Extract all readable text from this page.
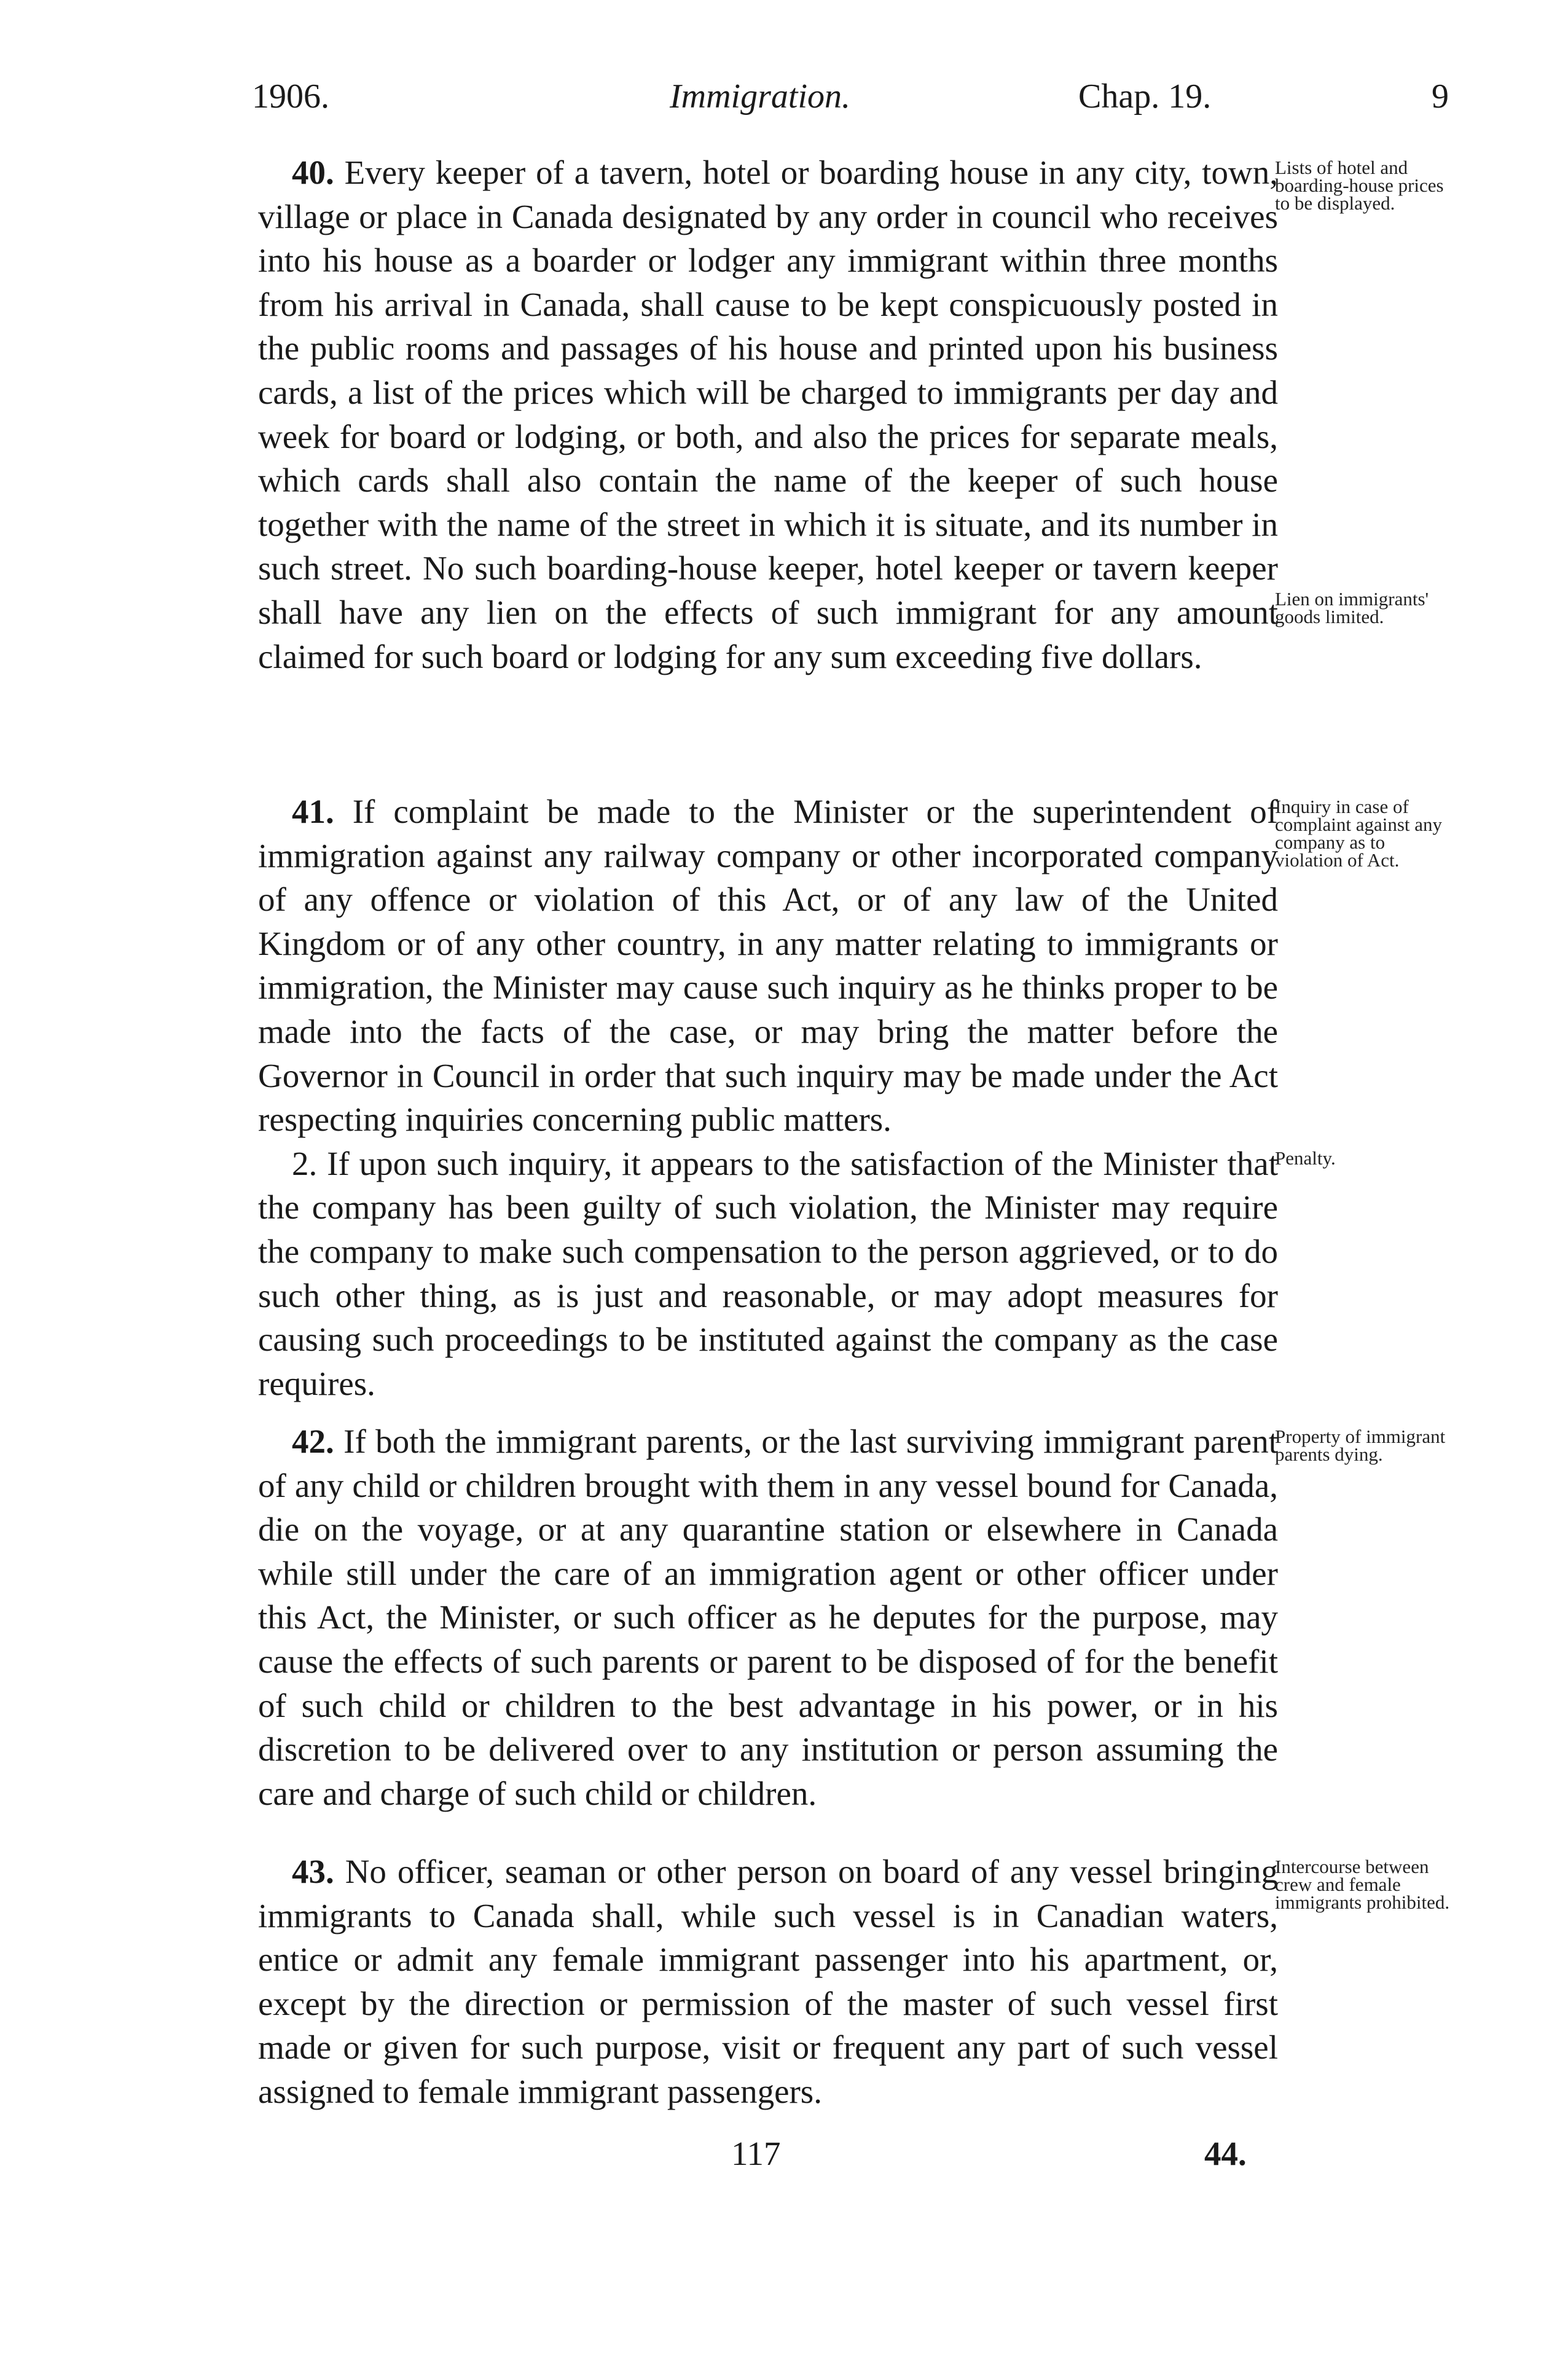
1906.	Immigration.	Chap. 19.	9

40. Every keeper of a tavern, hotel or boarding house in any city, town, village or place in Canada designated by any order in council who receives into his house as a boarder or lodger any immigrant within three months from his arrival in Canada, shall cause to be kept conspicuously posted in the public rooms and passages of his house and printed upon his business cards, a list of the prices which will be charged to immigrants per day and week for board or lodging, or both, and also the prices for separate meals, which cards shall also contain the name of the keeper of such house together with the name of the street in which it is situate, and its number in such street. No such boarding-house keeper, hotel keeper or tavern keeper shall have any lien on the effects of such immigrant for any amount claimed for such board or lodging for any sum exceeding five dollars.

Lists of hotel and boarding-house prices to be displayed.
Lien on immigrants' goods limited.

41. If complaint be made to the Minister or the superintendent of immigration against any railway company or other incorporated company of any offence or violation of this Act, or of any law of the United Kingdom or of any other country, in any matter relating to immigrants or immigration, the Minister may cause such inquiry as he thinks proper to be made into the facts of the case, or may bring the matter before the Governor in Council in order that such inquiry may be made under the Act respecting inquiries concerning public matters.

2. If upon such inquiry, it appears to the satisfaction of the Minister that the company has been guilty of such violation, the Minister may require the company to make such compensation to the person aggrieved, or to do such other thing, as is just and reasonable, or may adopt measures for causing such proceedings to be instituted against the company as the case requires.

Inquiry in case of complaint against any company as to violation of Act.
Penalty.

42. If both the immigrant parents, or the last surviving immigrant parent of any child or children brought with them in any vessel bound for Canada, die on the voyage, or at any quarantine station or elsewhere in Canada while still under the care of an immigration agent or other officer under this Act, the Minister, or such officer as he deputes for the purpose, may cause the effects of such parents or parent to be disposed of for the benefit of such child or children to the best advantage in his power, or in his discretion to be delivered over to any institution or person assuming the care and charge of such child or children.

Property of immigrant parents dying.

43. No officer, seaman or other person on board of any vessel bringing immigrants to Canada shall, while such vessel is in Canadian waters, entice or admit any female immigrant passenger into his apartment, or, except by the direction or permission of the master of such vessel first made or given for such purpose, visit or frequent any part of such vessel assigned to female immigrant passengers.

Intercourse between crew and female immigrants prohibited.
117	44.
